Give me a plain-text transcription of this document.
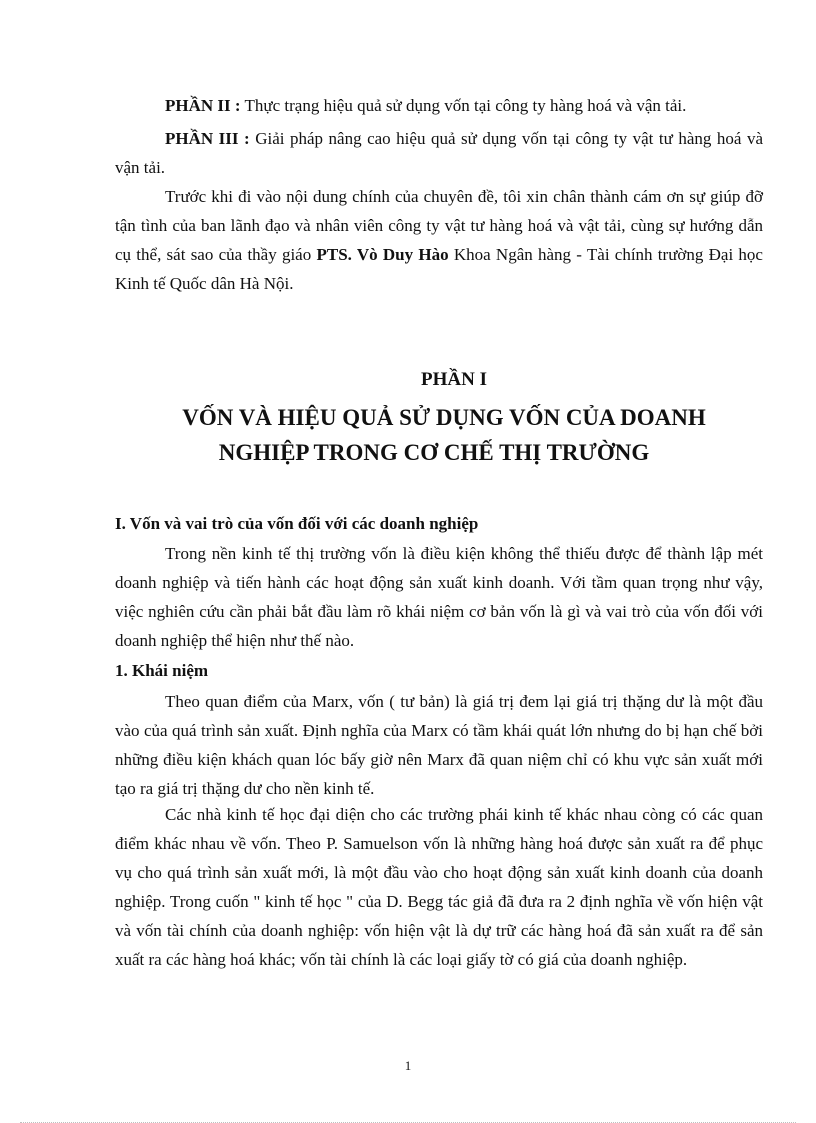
PHẦN II : Thực trạng hiệu quả sử dụng vốn tại công ty hàng hoá và vận tải.

PHẦN III : Giải pháp nâng cao hiệu quả sử dụng vốn tại công ty vật tư hàng hoá và vận tải.

Trước khi đi vào nội dung chính của chuyên đề, tôi xin chân thành cám ơn sự giúp đỡ tận tình của ban lãnh đạo và nhân viên công ty vật tư hàng hoá và vật tải, cùng sự hướng dẫn cụ thể, sát sao của thầy giáo PTS. Vò Duy Hào Khoa Ngân hàng - Tài chính trường Đại học Kinh tế Quốc dân Hà Nội.

PHẦN I

VỐN VÀ HIỆU QUẢ SỬ DỤNG VỐN CỦA DOANH

NGHIỆP TRONG CƠ CHẾ THỊ TRƯỜNG

I. Vốn và vai trò của vốn đối với các doanh nghiệp

Trong nền kinh tế thị trường vốn là điều kiện không thể thiếu được để thành lập mét doanh nghiệp và tiến hành các hoạt động sản xuất kinh doanh. Với tầm quan trọng như vậy, việc nghiên cứu cần phải bắt đầu làm rõ khái niệm cơ bản vốn là gì và vai trò của vốn đối với doanh nghiệp thể hiện như thế nào.

1. Khái niệm

Theo quan điểm của Marx, vốn ( tư bản) là giá trị đem lại giá trị thặng dư là một đầu vào của quá trình sản xuất. Định nghĩa của Marx có tầm khái quát lớn nhưng do bị hạn chế bởi những điều kiện khách quan lóc bấy giờ nên Marx đã quan niệm chỉ có khu vực sản xuất mới tạo ra giá trị thặng dư cho nền kinh tế.

Các nhà kinh tế học đại diện cho các trường phái kinh tế khác nhau còng có các quan điểm khác nhau về vốn. Theo P. Samuelson vốn là những hàng hoá được sản xuất ra để phục vụ cho quá trình sản xuất mới, là một đầu vào cho hoạt động sản xuất kinh doanh của doanh nghiệp. Trong cuốn " kinh tế học " của D. Begg tác giả đã đưa ra 2 định nghĩa về vốn hiện vật và vốn tài chính của doanh nghiệp: vốn hiện vật là dự trữ các hàng hoá đã sản xuất ra để sản xuất ra các hàng hoá khác; vốn tài chính là các loại giấy tờ có giá của doanh nghiệp.

1
